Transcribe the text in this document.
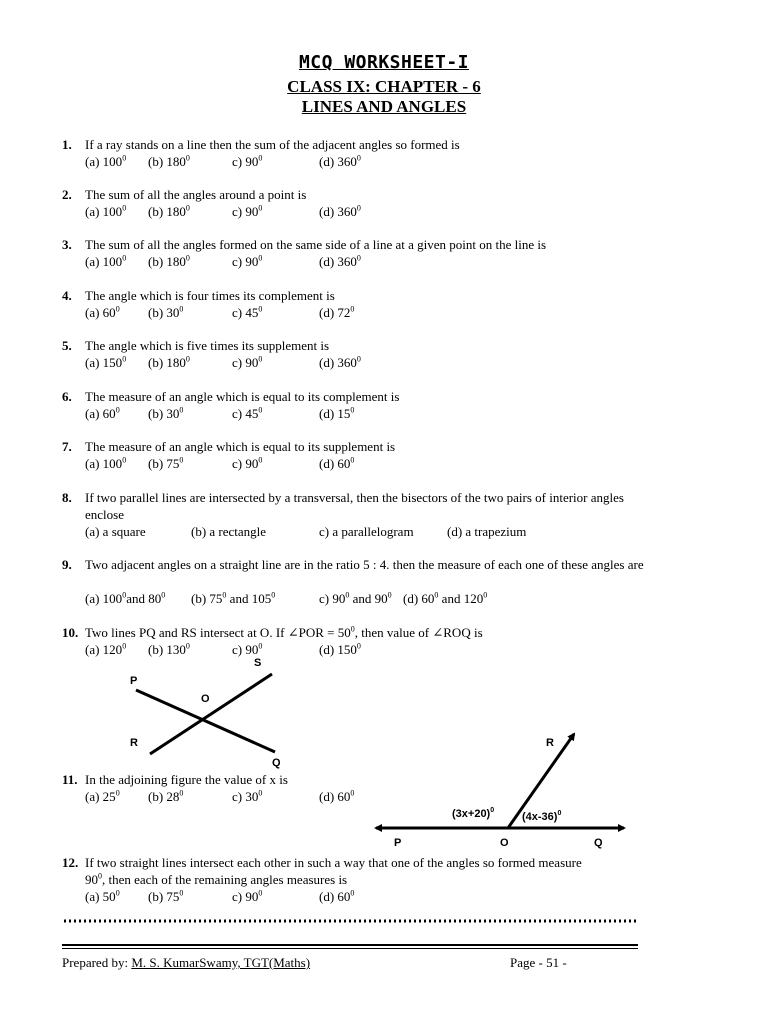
MCQ WORKSHEET-I
CLASS IX: CHAPTER - 6
LINES AND ANGLES
1. If a ray stands on a line then the sum of the adjacent angles so formed is
(a) $100^0$ (b) $180^0$	c) $90^0$	(d) $360^0$
2. The sum of all the angles around a point is
(a) $100^0$ (b) $180^0$	c) $90^0$	(d) $360^0$
3. The sum of all the angles formed on the same side of a line at a given point on the line is
(a) $100^0$ (b) $180^0$	c) $90^0$	(d) $360^0$
4. The angle which is four times its complement is
(a) $60^0$ (b) $30^0$	c) $45^0$	(d) $72^0$
5. The angle which is five times its supplement is
(a) $150^0$ (b) $180^0$	c) $90^0$	(d) $360^0$
6. The measure of an angle which is equal to its complement is
(a) $60^0$ (b) $30^0$	c) $45^0$	(d) $15^0$
7. The measure of an angle which is equal to its supplement is
(a) $100^0$ (b) $75^0$	c) $90^0$	(d) $60^0$
8. If two parallel lines are intersected by a transversal, then the bisectors of the two pairs of interior angles enclose
(a) a square	(b) a rectangle	c) a parallelogram	(d) a trapezium
9. Two adjacent angles on a straight line are in the ratio 5 : 4. then the measure of each one of these angles are
(a) $100^0and$ $80^0$ (b) $75^0$ and $105^0$	c) $90^0$ and $90^0$ (d) $60^0$ and $120^0$
10. Two lines PQ and RS intersect at O. If ∠POR = $50^0$, then value of ∠ROQ is
(a) $120^0$ (b) $130^0$	c) $90^0$	(d) $150^0$
P
S
O
R
Q
11. In the adjoining figure the value of x is
(a) $25^0$ (b) $28^0$	c) $30^0$	(d) $60^0$
R
$(3x+20)^0$
$(4x-36)^0$
P	O	Q
12. If two straight lines intersect each other in such a way that one of the angles so formed measure
$90^0$, then each of the remaining angles measures is
(a) $50^0$ (b) $75^0$	c) $90^0$	(d) $60^0$
Prepared by: M. S. KumarSwamy, TGT(Maths)	Page - 51 -
